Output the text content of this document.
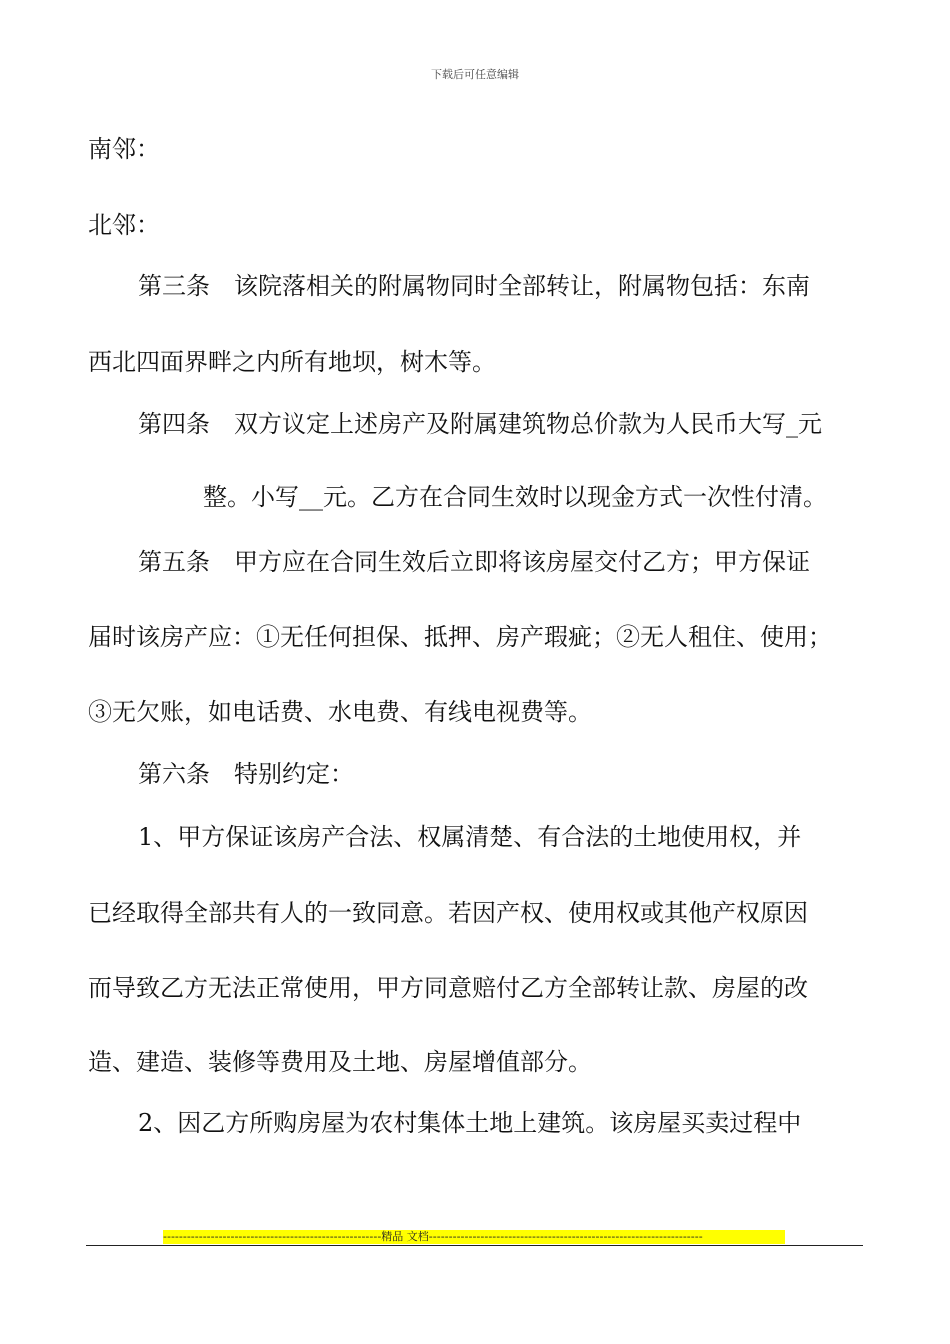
下载后可任意编辑
南邻：
北邻：
第三条　该院落相关的附属物同时全部转让，附属物包括：东南
西北四面界畔之内所有地坝，树木等。
第四条　双方议定上述房产及附属建筑物总价款为人民币大写_元
整。小写__元。乙方在合同生效时以现金方式一次性付清。
第五条　甲方应在合同生效后立即将该房屋交付乙方；甲方保证
届时该房产应：①无任何担保、抵押、房产瑕疵；②无人租住、使用；
③无欠账，如电话费、水电费、有线电视费等。
第六条　特别约定：
1、甲方保证该房产合法、权属清楚、有合法的土地使用权，并
已经取得全部共有人的一致同意。若因产权、使用权或其他产权原因
而导致乙方无法正常使用，甲方同意赔付乙方全部转让款、房屋的改
造、建造、装修等费用及土地、房屋增值部分。
2、因乙方所购房屋为农村集体土地上建筑。该房屋买卖过程中
-------------------------------------------------------精品 文档---------------------------------------------------------------------
